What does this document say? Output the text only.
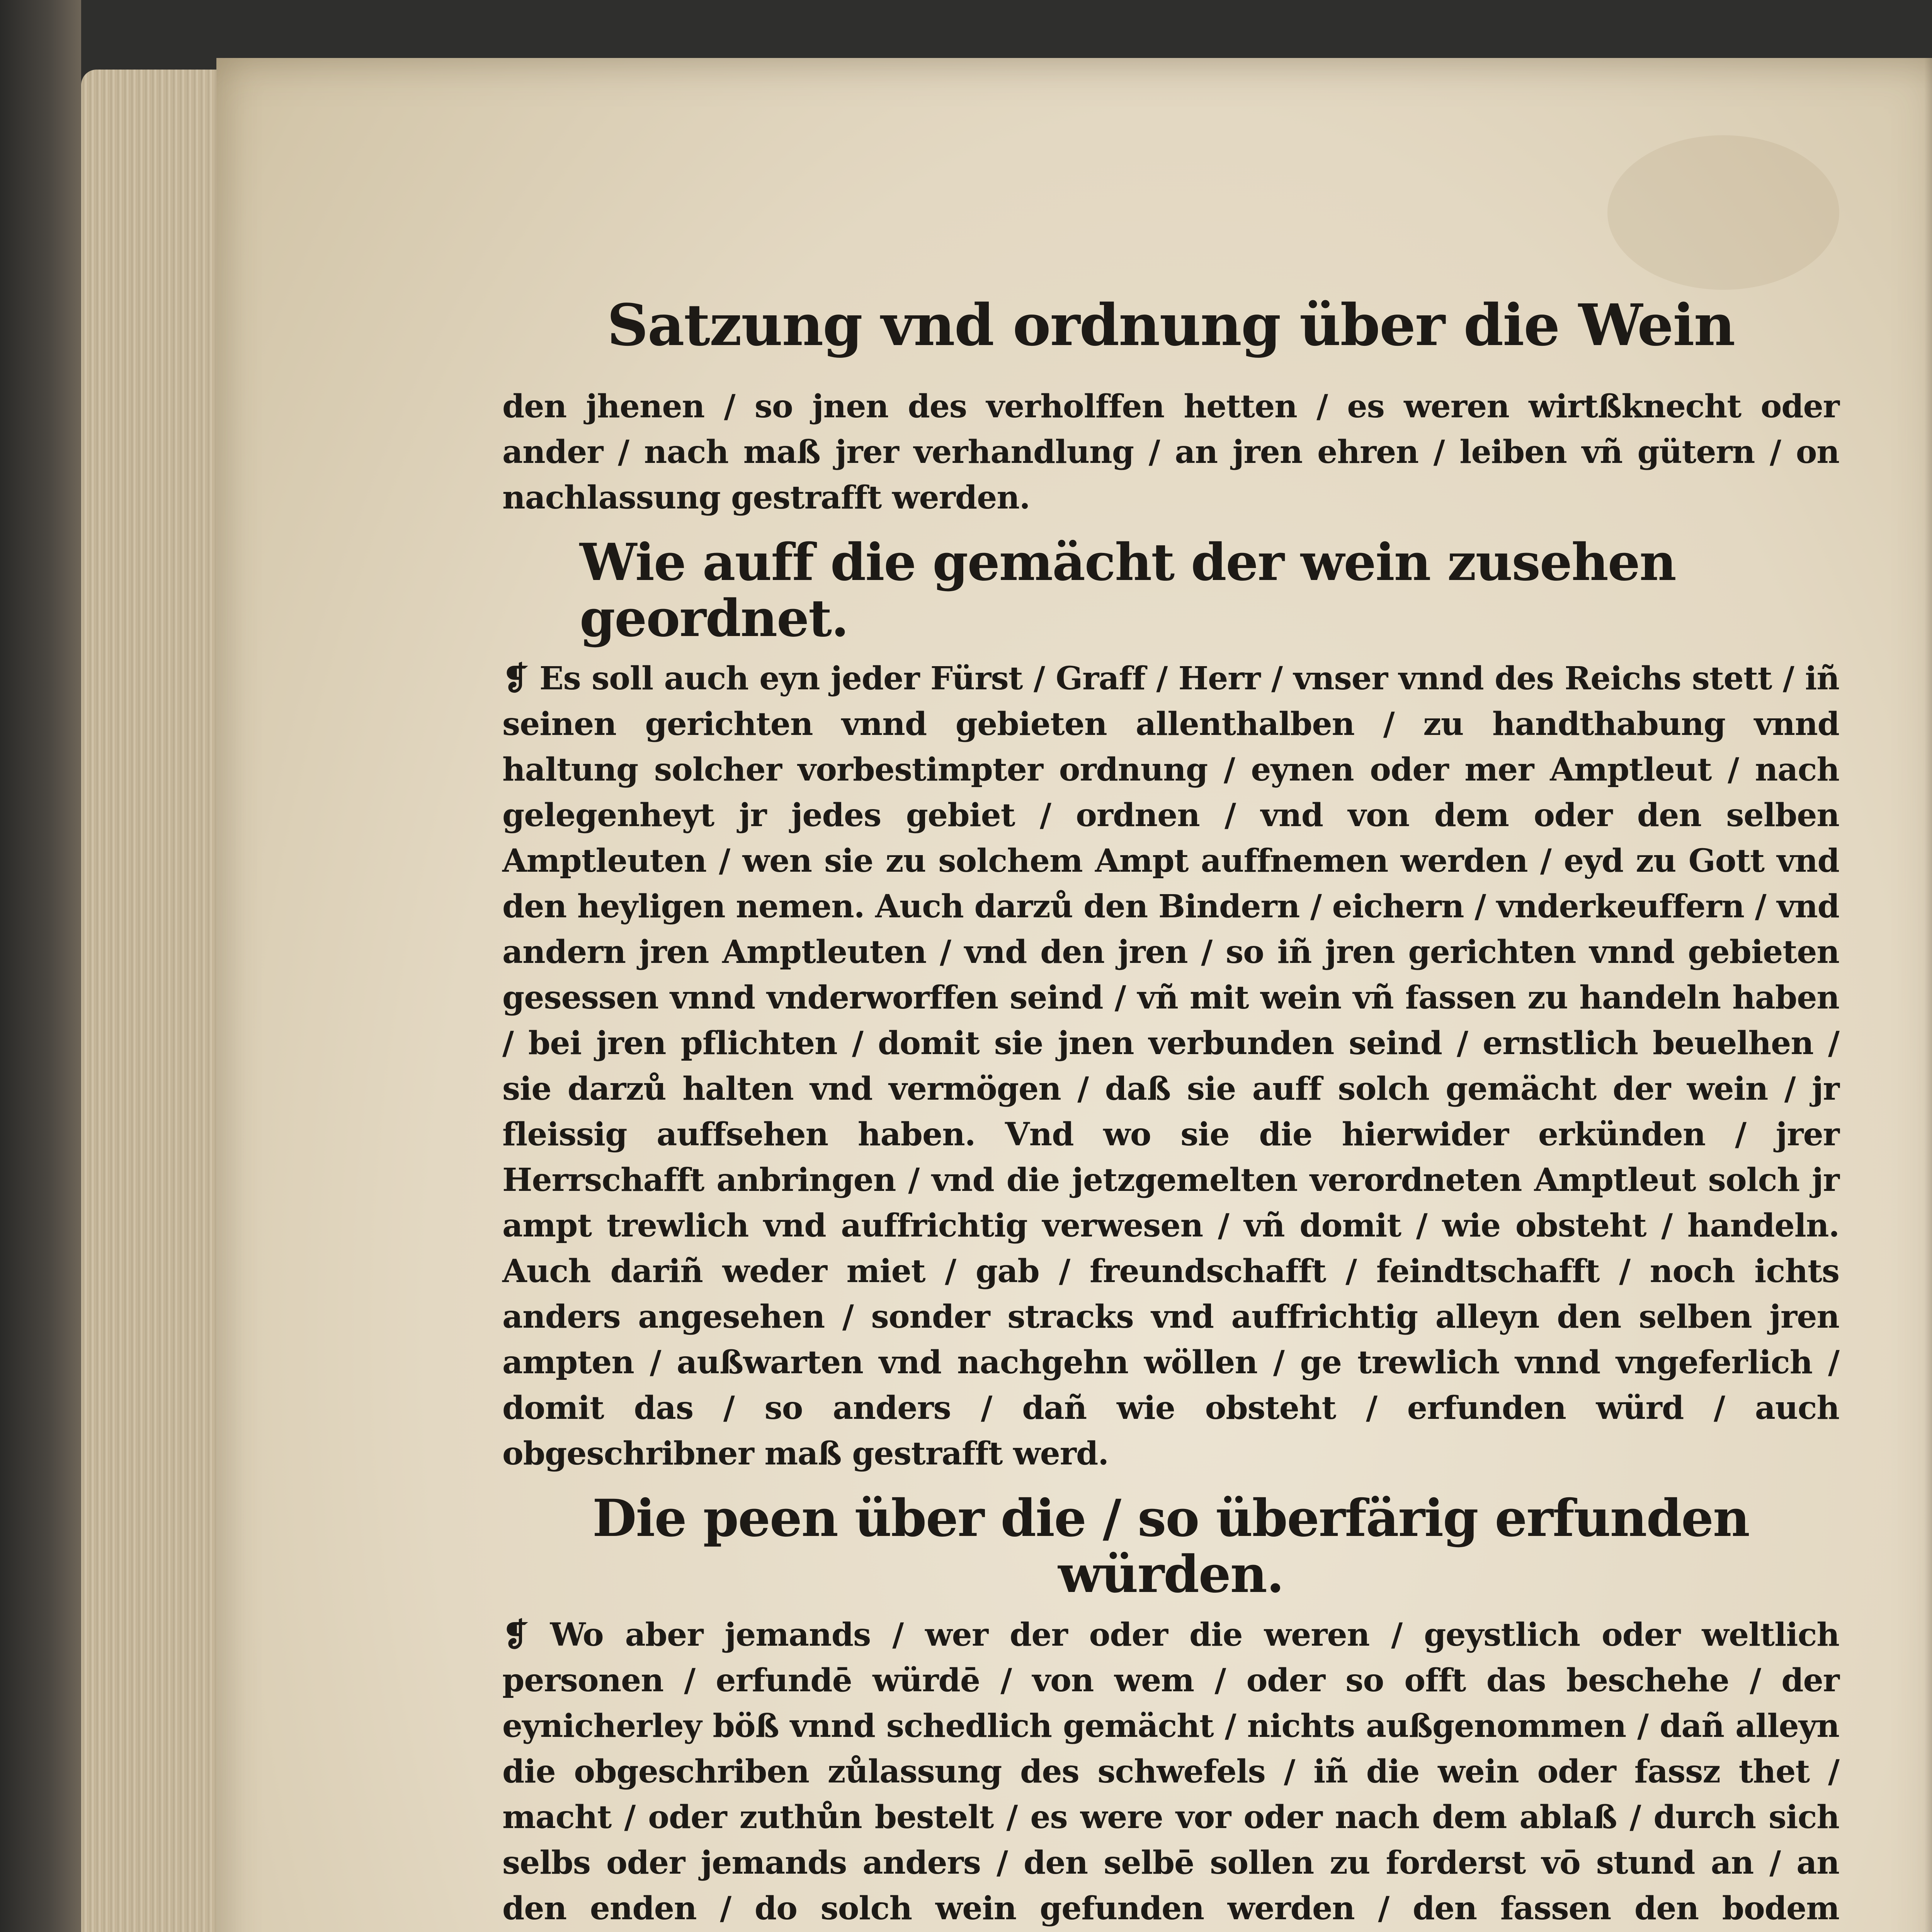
Satzung vnd ordnung über die Wein

den jhenen / so jnen des verholffen hetten / es weren wirtßknecht oder ander / nach maß jrer verhandlung / an jren ehren / leiben vñ gütern / on nachlassung gestrafft werden.

Wie auff die gemächt der wein zusehen geordnet.

❡ Es soll auch eyn jeder Fürst / Graff / Herr / vnser vnnd des Reichs stett / iñ seinen gerichten vnnd gebieten allenthalben / zu handthabung vnnd haltung solcher vorbestimpter ordnung / eynen oder mer Amptleut / nach gelegenheyt jr jedes gebiet / ordnen / vnd von dem oder den selben Amptleuten / wen sie zu solchem Ampt auffnemen werden / eyd zu Gott vnd den heyligen nemen. Auch darzů den Bindern / eichern / vnderkeuffern / vnd andern jren Amptleuten / vnd den jren / so iñ jren gerichten vnnd gebieten gesessen vnnd vnderworffen seind / vñ mit wein vñ fassen zu handeln haben / bei jren pflichten / domit sie jnen verbunden seind / ernstlich beuelhen / sie darzů halten vnd vermögen / daß sie auff solch gemächt der wein / jr fleissig auffsehen haben. Vnd wo sie die hierwider erkünden / jrer Herrschafft anbringen / vnd die jetzgemelten verordneten Amptleut solch jr ampt trewlich vnd auffrichtig verwesen / vñ domit / wie obsteht / handeln. Auch dariñ weder miet / gab / freundschafft / feindtschafft / noch ichts anders angesehen / sonder stracks vnd auffrichtig alleyn den selben jren ampten / außwarten vnd nachgehn wöllen / ge trewlich vnnd vngeferlich / domit das / so anders / dañ wie obsteht / erfunden würd / auch obgeschribner maß gestrafft werd.

Die peen über die / so überfärig erfunden würden.

❡ Wo aber jemands / wer der oder die weren / geystlich oder weltlich personen / erfundē würdē / von wem / oder so offt das beschehe / der eynicherley böß vnnd schedlich gemächt / nichts außgenommen / dañ alleyn die obgeschriben zůlassung des schwefels / iñ die wein oder fassz thet / macht / oder zuthůn bestelt / es were vor oder nach dem ablaß / durch sich selbs oder jemands anders / den selbē sollen zu forderst vō stund an / an den enden / do solch wein gefunden werden / den fassen den bodem
